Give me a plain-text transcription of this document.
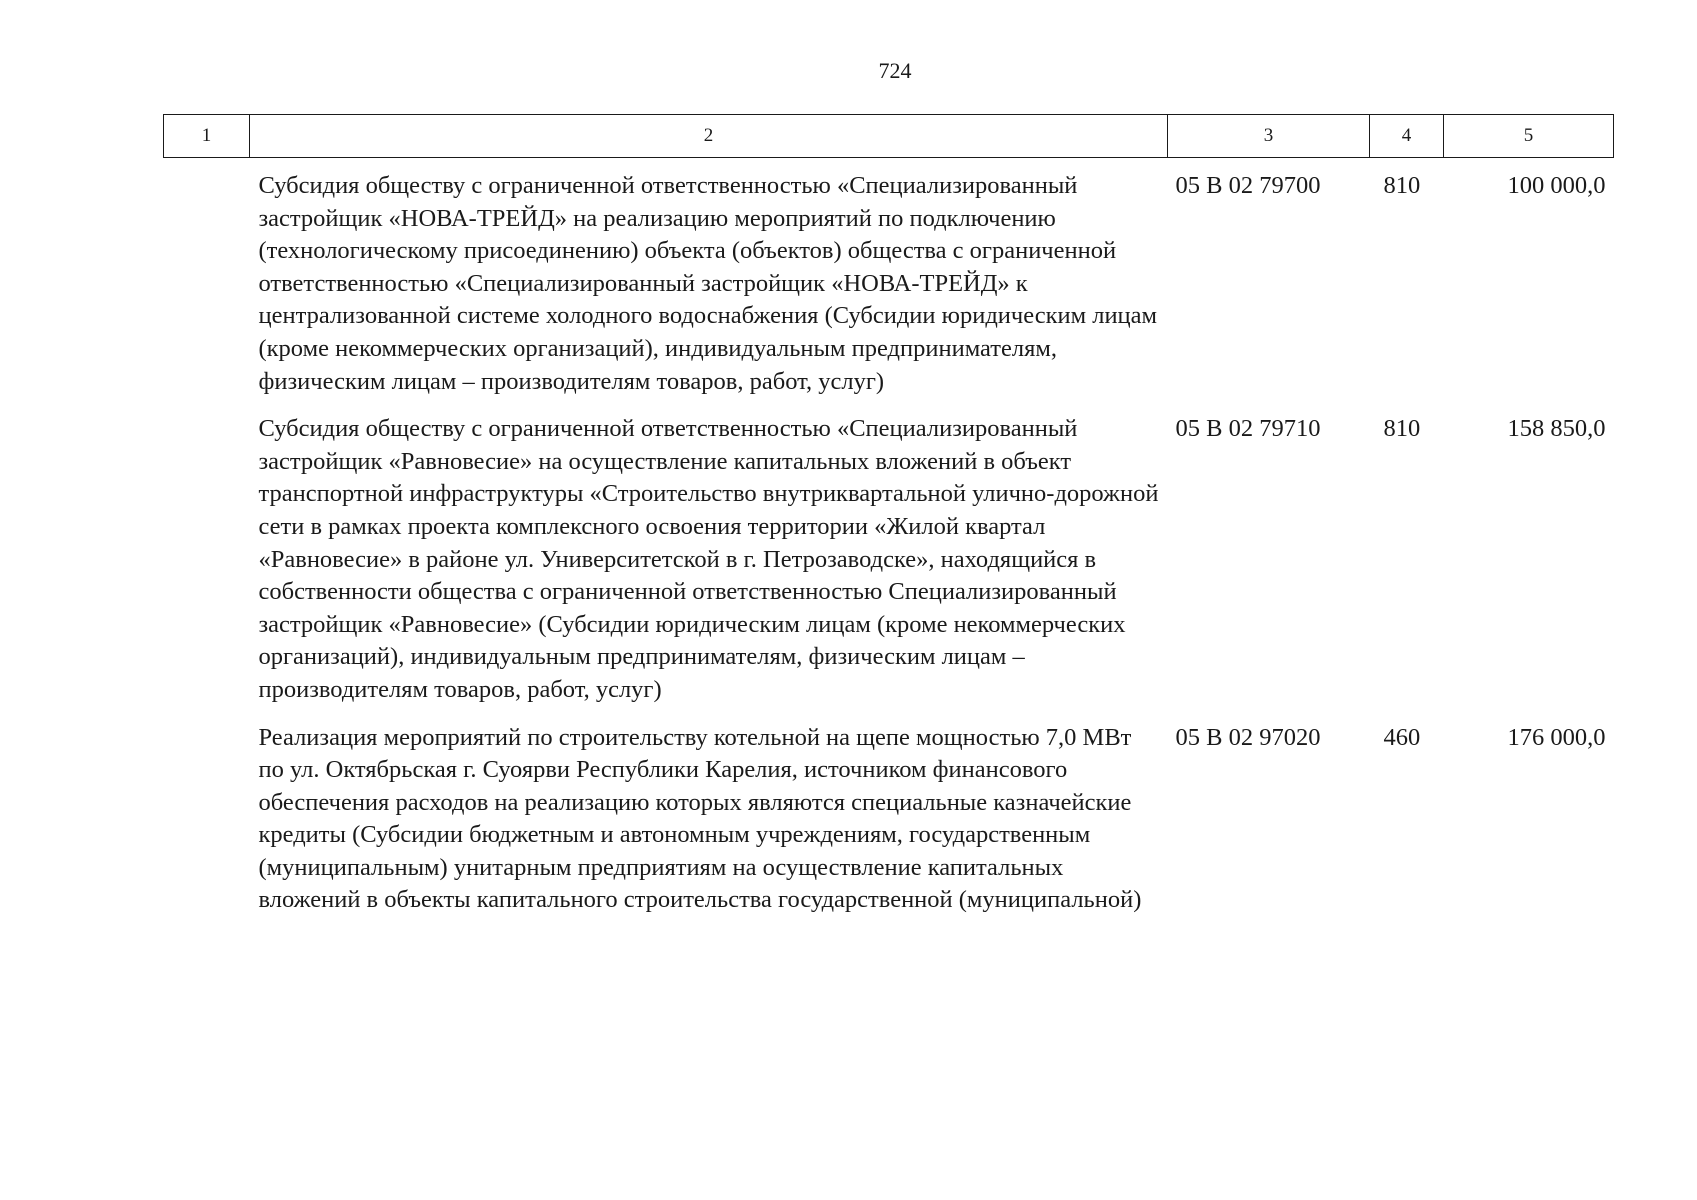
724
1	2	3	4	5
	Субсидия обществу с ограниченной ответственностью «Специализированный застройщик «НОВА-ТРЕЙД» на реализацию мероприятий по подключению (технологическому присоединению) объекта (объектов) общества с ограниченной ответственностью «Специализированный застройщик «НОВА-ТРЕЙД» к централизованной системе холодного водоснабжения (Субсидии юридическим лицам (кроме некоммерческих организаций), индивидуальным предпринимателям, физическим лицам – производителям товаров, работ, услуг)	05 В 02 79700	810	100 000,0
	Субсидия обществу с ограниченной ответственностью «Специализированный застройщик «Равновесие» на осуществление капитальных вложений в объект транспортной инфраструктуры «Строительство внутриквартальной улично-дорожной сети в рамках проекта комплексного освоения территории «Жилой квартал «Равновесие» в районе ул. Университетской в г. Петрозаводске», находящийся в собственности общества с ограниченной ответственностью Специализированный застройщик «Равновесие» (Субсидии юридическим лицам (кроме некоммерческих организаций), индивидуальным предпринимателям, физическим лицам – производителям товаров, работ, услуг)	05 В 02 79710	810	158 850,0
	Реализация мероприятий по строительству котельной на щепе мощностью 7,0 МВт по ул. Октябрьская г. Суоярви Республики Карелия, источником финансового обеспечения расходов на реализацию которых являются специальные казначейские кредиты (Субсидии бюджетным и автономным учреждениям, государственным (муниципальным) унитарным предприятиям на осуществление капитальных вложений в объекты капитального строительства государственной (муниципальной)	05 В 02 97020	460	176 000,0
